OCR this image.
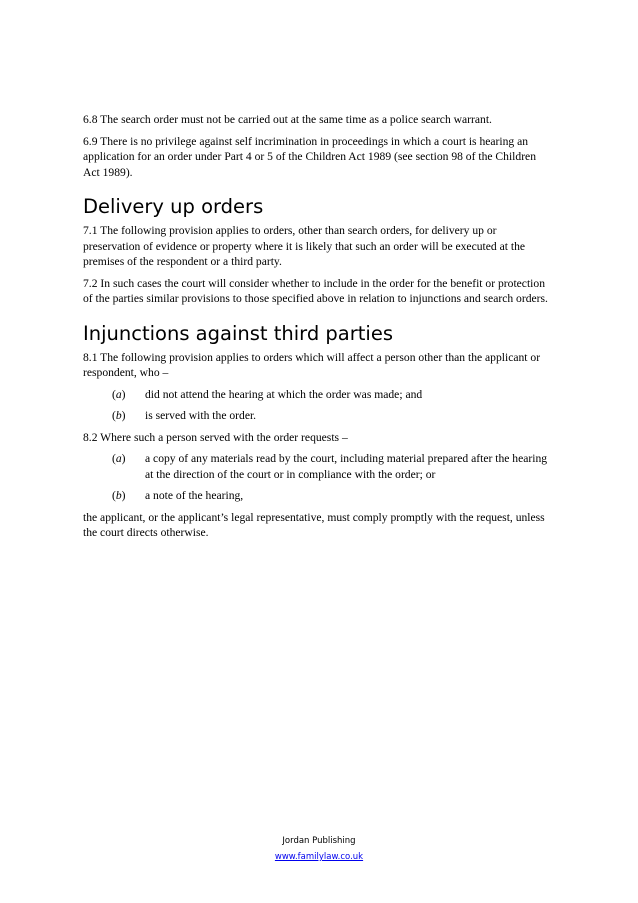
6.8 The search order must not be carried out at the same time as a police search warrant.

6.9 There is no privilege against self incrimination in proceedings in which a court is hearing an application for an order under Part 4 or 5 of the Children Act 1989 (see section 98 of the Children Act 1989).

Delivery up orders

7.1 The following provision applies to orders, other than search orders, for delivery up or preservation of evidence or property where it is likely that such an order will be executed at the premises of the respondent or a third party.

7.2 In such cases the court will consider whether to include in the order for the benefit or protection of the parties similar provisions to those specified above in relation to injunctions and search orders.

Injunctions against third parties

8.1 The following provision applies to orders which will affect a person other than the applicant or respondent, who –

(a)	did not attend the hearing at which the order was made; and
(b)	is served with the order.

8.2 Where such a person served with the order requests –

(a)	a copy of any materials read by the court, including material prepared after the hearing at the direction of the court or in compliance with the order; or
(b)	a note of the hearing,

the applicant, or the applicant’s legal representative, must comply promptly with the request, unless the court directs otherwise.

Jordan Publishing
www.familylaw.co.uk
